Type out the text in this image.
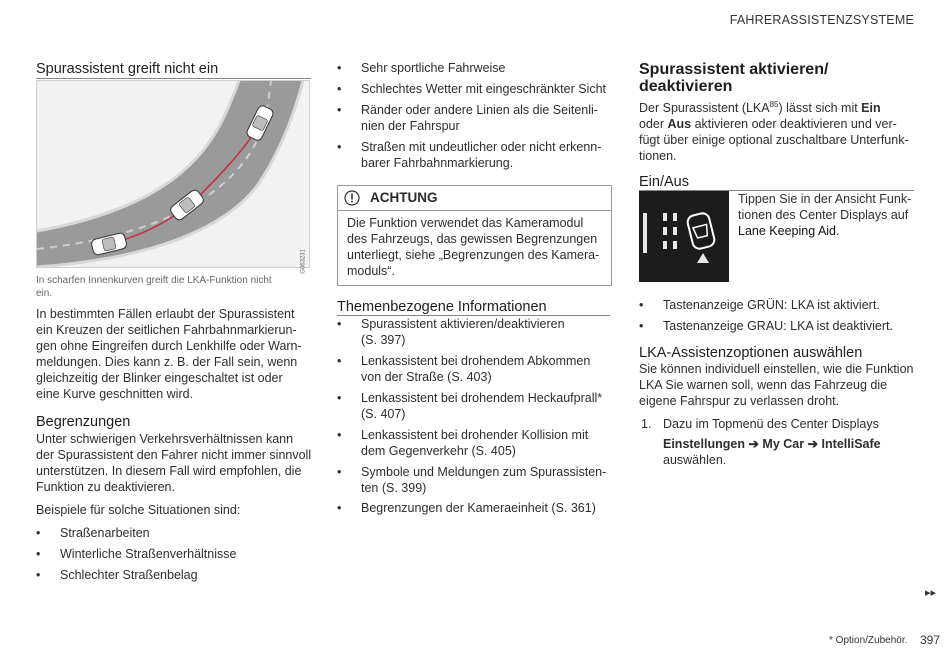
FAHRERASSISTENZSYSTEME
Spurassistent greift nicht ein
G063231

In scharfen Innenkurven greift die LKA-Funktion nicht

ein.

In bestimmten Fällen erlaubt der Spurassistent

ein Kreuzen der seitlichen Fahrbahnmarkierun-

gen ohne Eingreifen durch Lenkhilfe oder Warn-

meldungen. Dies kann z. B. der Fall sein, wenn

gleichzeitig der Blinker eingeschaltet ist oder

eine Kurve geschnitten wird.

Begrenzungen

Unter schwierigen Verkehrsverhältnissen kann

der Spurassistent den Fahrer nicht immer sinnvoll

unterstützen. In diesem Fall wird empfohlen, die

Funktion zu deaktivieren.

Beispiele für solche Situationen sind:

• Straßenarbeiten
• Winterliche Straßenverhältnisse
• Schlechter Straßenbelag
• Sehr sportliche Fahrweise
• Schlechtes Wetter mit eingeschränkter Sicht
• Ränder oder andere Linien als die Seitenli-
nien der Fahrspur
• Straßen mit undeutlicher oder nicht erkenn-
barer Fahrbahnmarkierung.
ACHTUNG

Die Funktion verwendet das Kameramodul

des Fahrzeugs, das gewissen Begrenzungen

unterliegt, siehe „Begrenzungen des Kamera-

moduls“.

Themenbezogene Informationen
• Spurassistent aktivieren/deaktivieren
(S. 397)
• Lenkassistent bei drohendem Abkommen
von der Straße (S. 403)
• Lenkassistent bei drohendem Heckaufprall*
(S. 407)
• Lenkassistent bei drohender Kollision mit
dem Gegenverkehr (S. 405)
• Symbole und Meldungen zum Spurassisten-
ten (S. 399)
• Begrenzungen der Kameraeinheit (S. 361)
Spurassistent aktivieren/
deaktivieren

Der Spurassistent (LKA$^{85}$) lässt sich mit Ein

oder Aus aktivieren oder deaktivieren und ver-

fügt über einige optional zuschaltbare Unterfunk-

tionen.

Ein/Aus

Tippen Sie in der Ansicht Funk-

tionen des Center Displays auf

Lane Keeping Aid.

• Tastenanzeige GRÜN: LKA ist aktiviert.
• Tastenanzeige GRAU: LKA ist deaktiviert.
LKA-Assistenzoptionen auswählen

Sie können individuell einstellen, wie die Funktion

LKA Sie warnen soll, wenn das Fahrzeug die

eigene Fahrspur zu verlassen droht.

1. Dazu im Topmenü des Center Displays

Einstellungen ➔ My Car ➔ IntelliSafe

auswählen.

▸▸
* Option/Zubehör. 397
